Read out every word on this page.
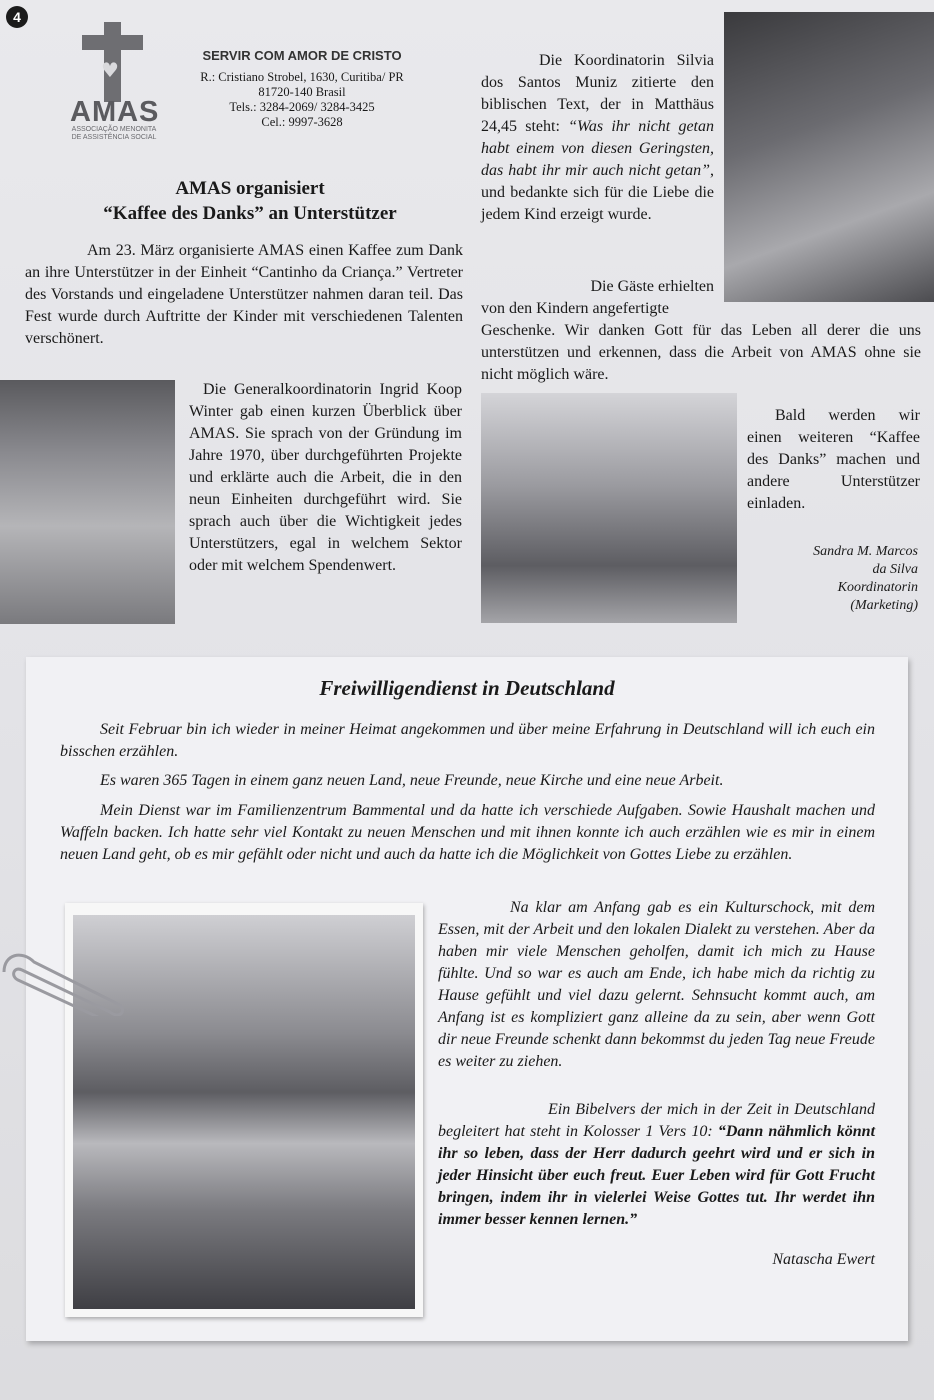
4
♥
AMAS
ASSOCIAÇÃO MENONITA DE ASSISTÊNCIA SOCIAL
SERVIR COM AMOR DE CRISTO
R.: Cristiano Strobel, 1630, Curitiba/ PR
81720-140 Brasil
Tels.: 3284-2069/ 3284-3425
Cel.: 9997-3628
AMAS organisiert
“Kaffee des Danks” an Unterstützer

Am 23. März organisierte AMAS einen Kaffee zum Dank an ihre Unterstützer in der Einheit “Cantinho da Criança.” Vertreter des Vorstands und eingeladene Unterstützer nahmen daran teil. Das Fest wurde durch Auftritte der Kinder mit verschiedenen Talenten verschönert.

Die Generalkoordinatorin Ingrid Koop Winter gab einen kurzen Überblick über AMAS. Sie sprach von der Gründung im Jahre 1970, über durchgeführten Projekte und erklärte auch die Arbeit, die in den neun Einheiten durchgeführt wird. Sie sprach auch über die Wichtigkeit jedes Unterstützers, egal in welchem Sektor oder mit welchem Spendenwert.

Die Koordinatorin Silvia dos Santos Muniz zitierte den biblischen Text, der in Matthäus 24,45 steht: “Was ihr nicht getan habt einem von diesen Geringsten, das habt ihr mir auch nicht getan”, und bedankte sich für die Liebe die jedem Kind erzeigt wurde.

Die Gäste erhielten
von den Kindern angefertigte

Geschenke. Wir danken Gott für das Leben all derer die uns unterstützen und erkennen, dass die Arbeit von AMAS ohne sie nicht möglich wäre.

Bald werden wir einen weiteren “Kaffee des Danks” machen und andere Unterstützer einladen.

Sandra M. Marcos
da Silva
Koordinatorin
(Marketing)
Freiwilligendienst in Deutschland

Seit Februar bin ich wieder in meiner Heimat angekommen und über meine Erfahrung in Deutschland will ich euch ein bisschen erzählen.

Es waren 365 Tagen in einem ganz neuen Land, neue Freunde, neue Kirche und eine neue Arbeit.

Mein Dienst war im Familienzentrum Bammental und da hatte ich verschiede Aufgaben. Sowie Haushalt machen und Waffeln backen. Ich hatte sehr viel Kontakt zu neuen Menschen und mit ihnen konnte ich auch erzählen wie es mir in einem neuen Land geht, ob es mir gefählt oder nicht und auch da hatte ich die Möglichkeit von Gottes Liebe zu erzählen.

Na klar am Anfang gab es ein Kulturschock, mit dem Essen, mit der Arbeit und den lokalen Dialekt zu verstehen. Aber da haben mir viele Menschen geholfen, damit ich mich zu Hause fühlte. Und so war es auch am Ende, ich habe mich da richtig zu Hause gefühlt und viel dazu gelernt. Sehnsucht kommt auch, am Anfang ist es kompliziert ganz alleine da zu sein, aber wenn Gott dir neue Freunde schenkt dann bekommst du jeden Tag neue Freude es weiter zu ziehen.

Ein Bibelvers der mich in der Zeit in Deutschland begleitert hat steht in Kolosser 1 Vers 10: “Dann nähmlich könnt ihr so leben, dass der Herr dadurch geehrt wird und er sich in jeder Hinsicht über euch freut. Euer Leben wird für Gott Frucht bringen, indem ihr in vielerlei Weise Gottes tut. Ihr werdet ihn immer besser kennen lernen.”

Natascha Ewert
